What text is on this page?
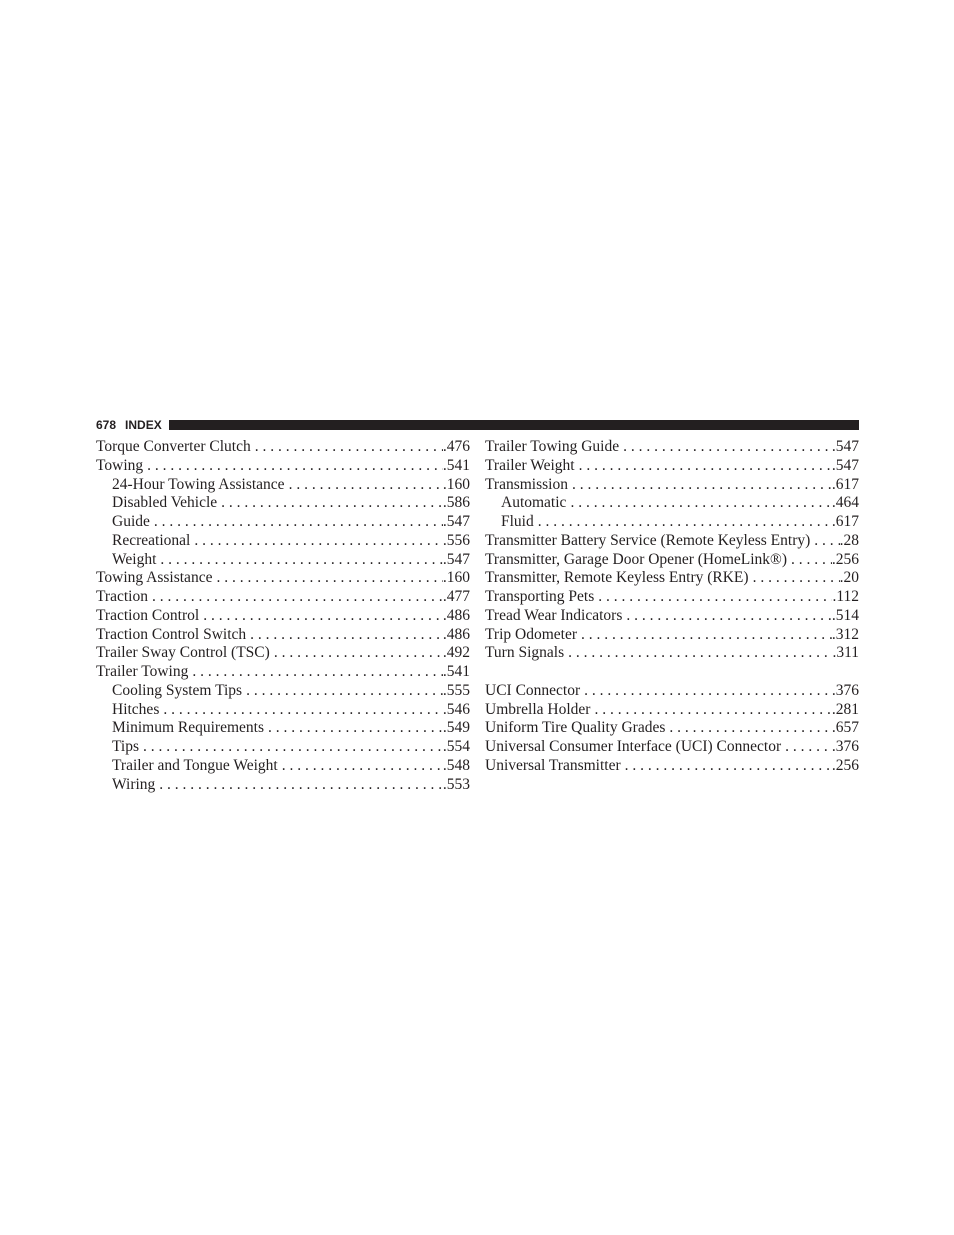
678 INDEX
Torque Converter Clutch . . .	.476
Towing . . .	.541
24-Hour Towing Assistance . . .	.160
Disabled Vehicle . . .	.586
Guide . . .	.547
Recreational . . .	.556
Weight . . .	.547
Towing Assistance . . .	.160
Traction . . .	.477
Traction Control . . .	.486
Traction Control Switch . . .	.486
Trailer Sway Control (TSC) . . .	.492
Trailer Towing . . .	.541
Cooling System Tips . . .	.555
Hitches . . .	.546
Minimum Requirements . . .	.549
Tips . . .	.554
Trailer and Tongue Weight . . .	.548
Wiring . . .	.553
Trailer Towing Guide . . .	.547
Trailer Weight . . .	.547
Transmission . . .	.617
Automatic . . .	.464
Fluid . . .	.617
Transmitter Battery Service (Remote Keyless Entry) . . . .28
Transmitter, Garage Door Opener (HomeLink®) . . .	.256
Transmitter, Remote Keyless Entry (RKE) . . .	.20
Transporting Pets . . .	.112
Tread Wear Indicators . . .	.514
Trip Odometer . . .	.312
Turn Signals . . .	.311
UCI Connector . . .	.376
Umbrella Holder . . .	.281
Uniform Tire Quality Grades . . .	.657
Universal Consumer Interface (UCI) Connector . . .	.376
Universal Transmitter . . .	.256
